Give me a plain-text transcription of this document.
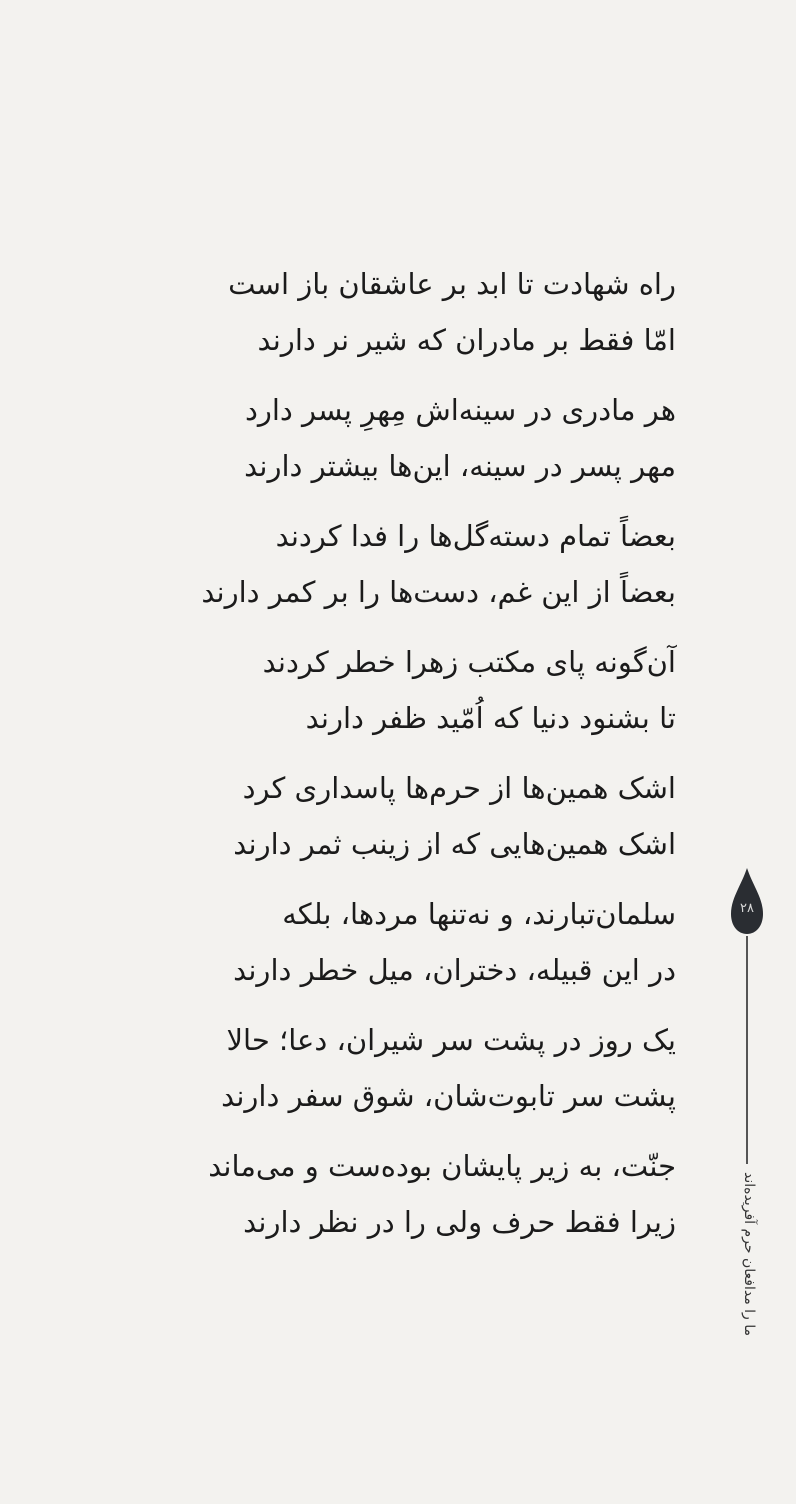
راه شهادت تا ابد بر عاشقان باز است
امّا فقط بر مادران که شیر نر دارند
هر مادری در سینه‌اش مِهرِ پسر دارد
مهر پسر در سینه، این‌ها بیشتر دارند
بعضاً تمام دسته‌گل‌ها را فدا کردند
بعضاً از این غم، دست‌ها را بر کمر دارند
آن‌گونه پای مکتب زهرا خطر کردند
تا بشنود دنیا که اُمّید ظفر دارند
اشک همین‌ها از حرم‌ها پاسداری کرد
اشک همین‌هایی که از زینب ثمر دارند
سلمان‌تبارند، و نه‌تنها مردها، بلکه
در این قبیله، دختران، میل خطر دارند
یک روز در پشت سر شیران، دعا؛ حالا
پشت سر تابوت‌شان، شوق سفر دارند
جنّت، به زیر پایشان بوده‌ست و می‌ماند
زیرا فقط حرف ولی را در نظر دارند
۲۸
ما را مدافعان حرم آفریده‌اند
